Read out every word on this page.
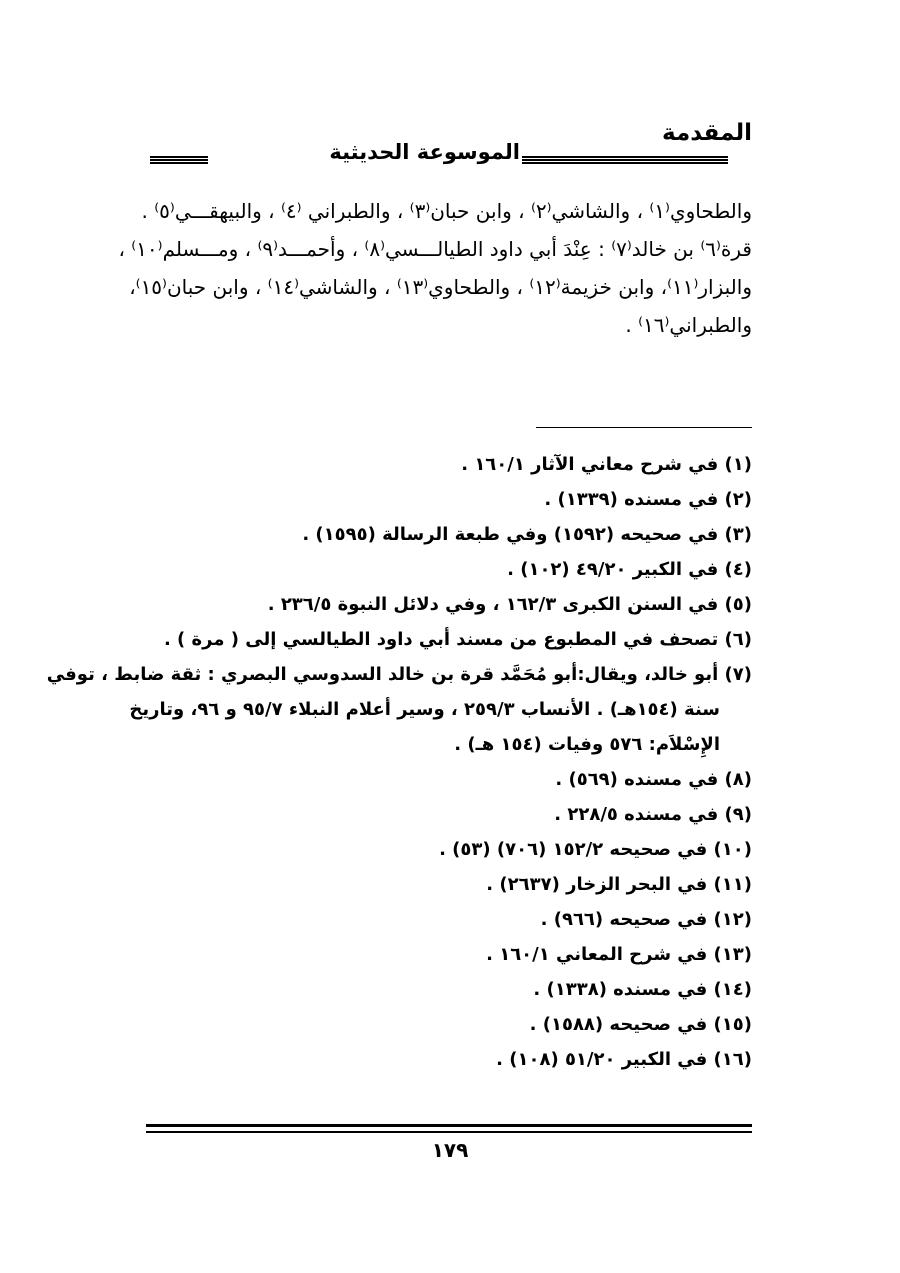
المقدمة
الموسوعة الحديثية
والطحاوي⁽١⁾ ، والشاشي⁽٢⁾ ، وابن حبان⁽٣⁾ ، والطبراني ⁽٤⁾ ، والبيهقـــي⁽٥⁾ .
قرة⁽٦⁾ بن خالد⁽٧⁾ : عِنْدَ أبي داود الطيالـــسي⁽٨⁾ ، وأحمـــد⁽٩⁾ ، ومـــسلم⁽١٠⁾ ،
والبزار⁽١١⁾، وابن خزيمة⁽١٢⁾ ، والطحاوي⁽١٣⁾ ، والشاشي⁽١٤⁾ ، وابن حبان⁽١٥⁾،
والطبراني⁽١٦⁾ .
(١) في شرح معاني الآثار ١٦٠/١ .
(٢) في مسنده (١٣٣٩) .
(٣) في صحيحه (١٥٩٢) وفي طبعة الرسالة (١٥٩٥) .
(٤) في الكبير ٤٩/٢٠ (١٠٢) .
(٥) في السنن الكبرى ١٦٢/٣ ، وفي دلائل النبوة ٢٣٦/٥ .
(٦) تصحف في المطبوع من مسند أبي داود الطيالسي إلى ( مرة ) .
(٧) أبو خالد، ويقال:أبو مُحَمَّد قرة بن خالد السدوسي البصري : ثقة ضابط ، توفي
سنة (١٥٤هـ) . الأنساب ٢٥٩/٣ ، وسير أعلام النبلاء ٩٥/٧ و ٩٦، وتاريخ
الإِسْلاَم: ٥٧٦ وفيات (١٥٤ هـ) .
(٨) في مسنده (٥٦٩) .
(٩) في مسنده ٢٢٨/٥ .
(١٠) في صحيحه ١٥٢/٢ (٧٠٦) (٥٣) .
(١١) في البحر الزخار (٢٦٣٧) .
(١٢) في صحيحه (٩٦٦) .
(١٣) في شرح المعاني ١٦٠/١ .
(١٤) في مسنده (١٣٣٨) .
(١٥) في صحيحه (١٥٨٨) .
(١٦) في الكبير ٥١/٢٠ (١٠٨) .
١٧٩
